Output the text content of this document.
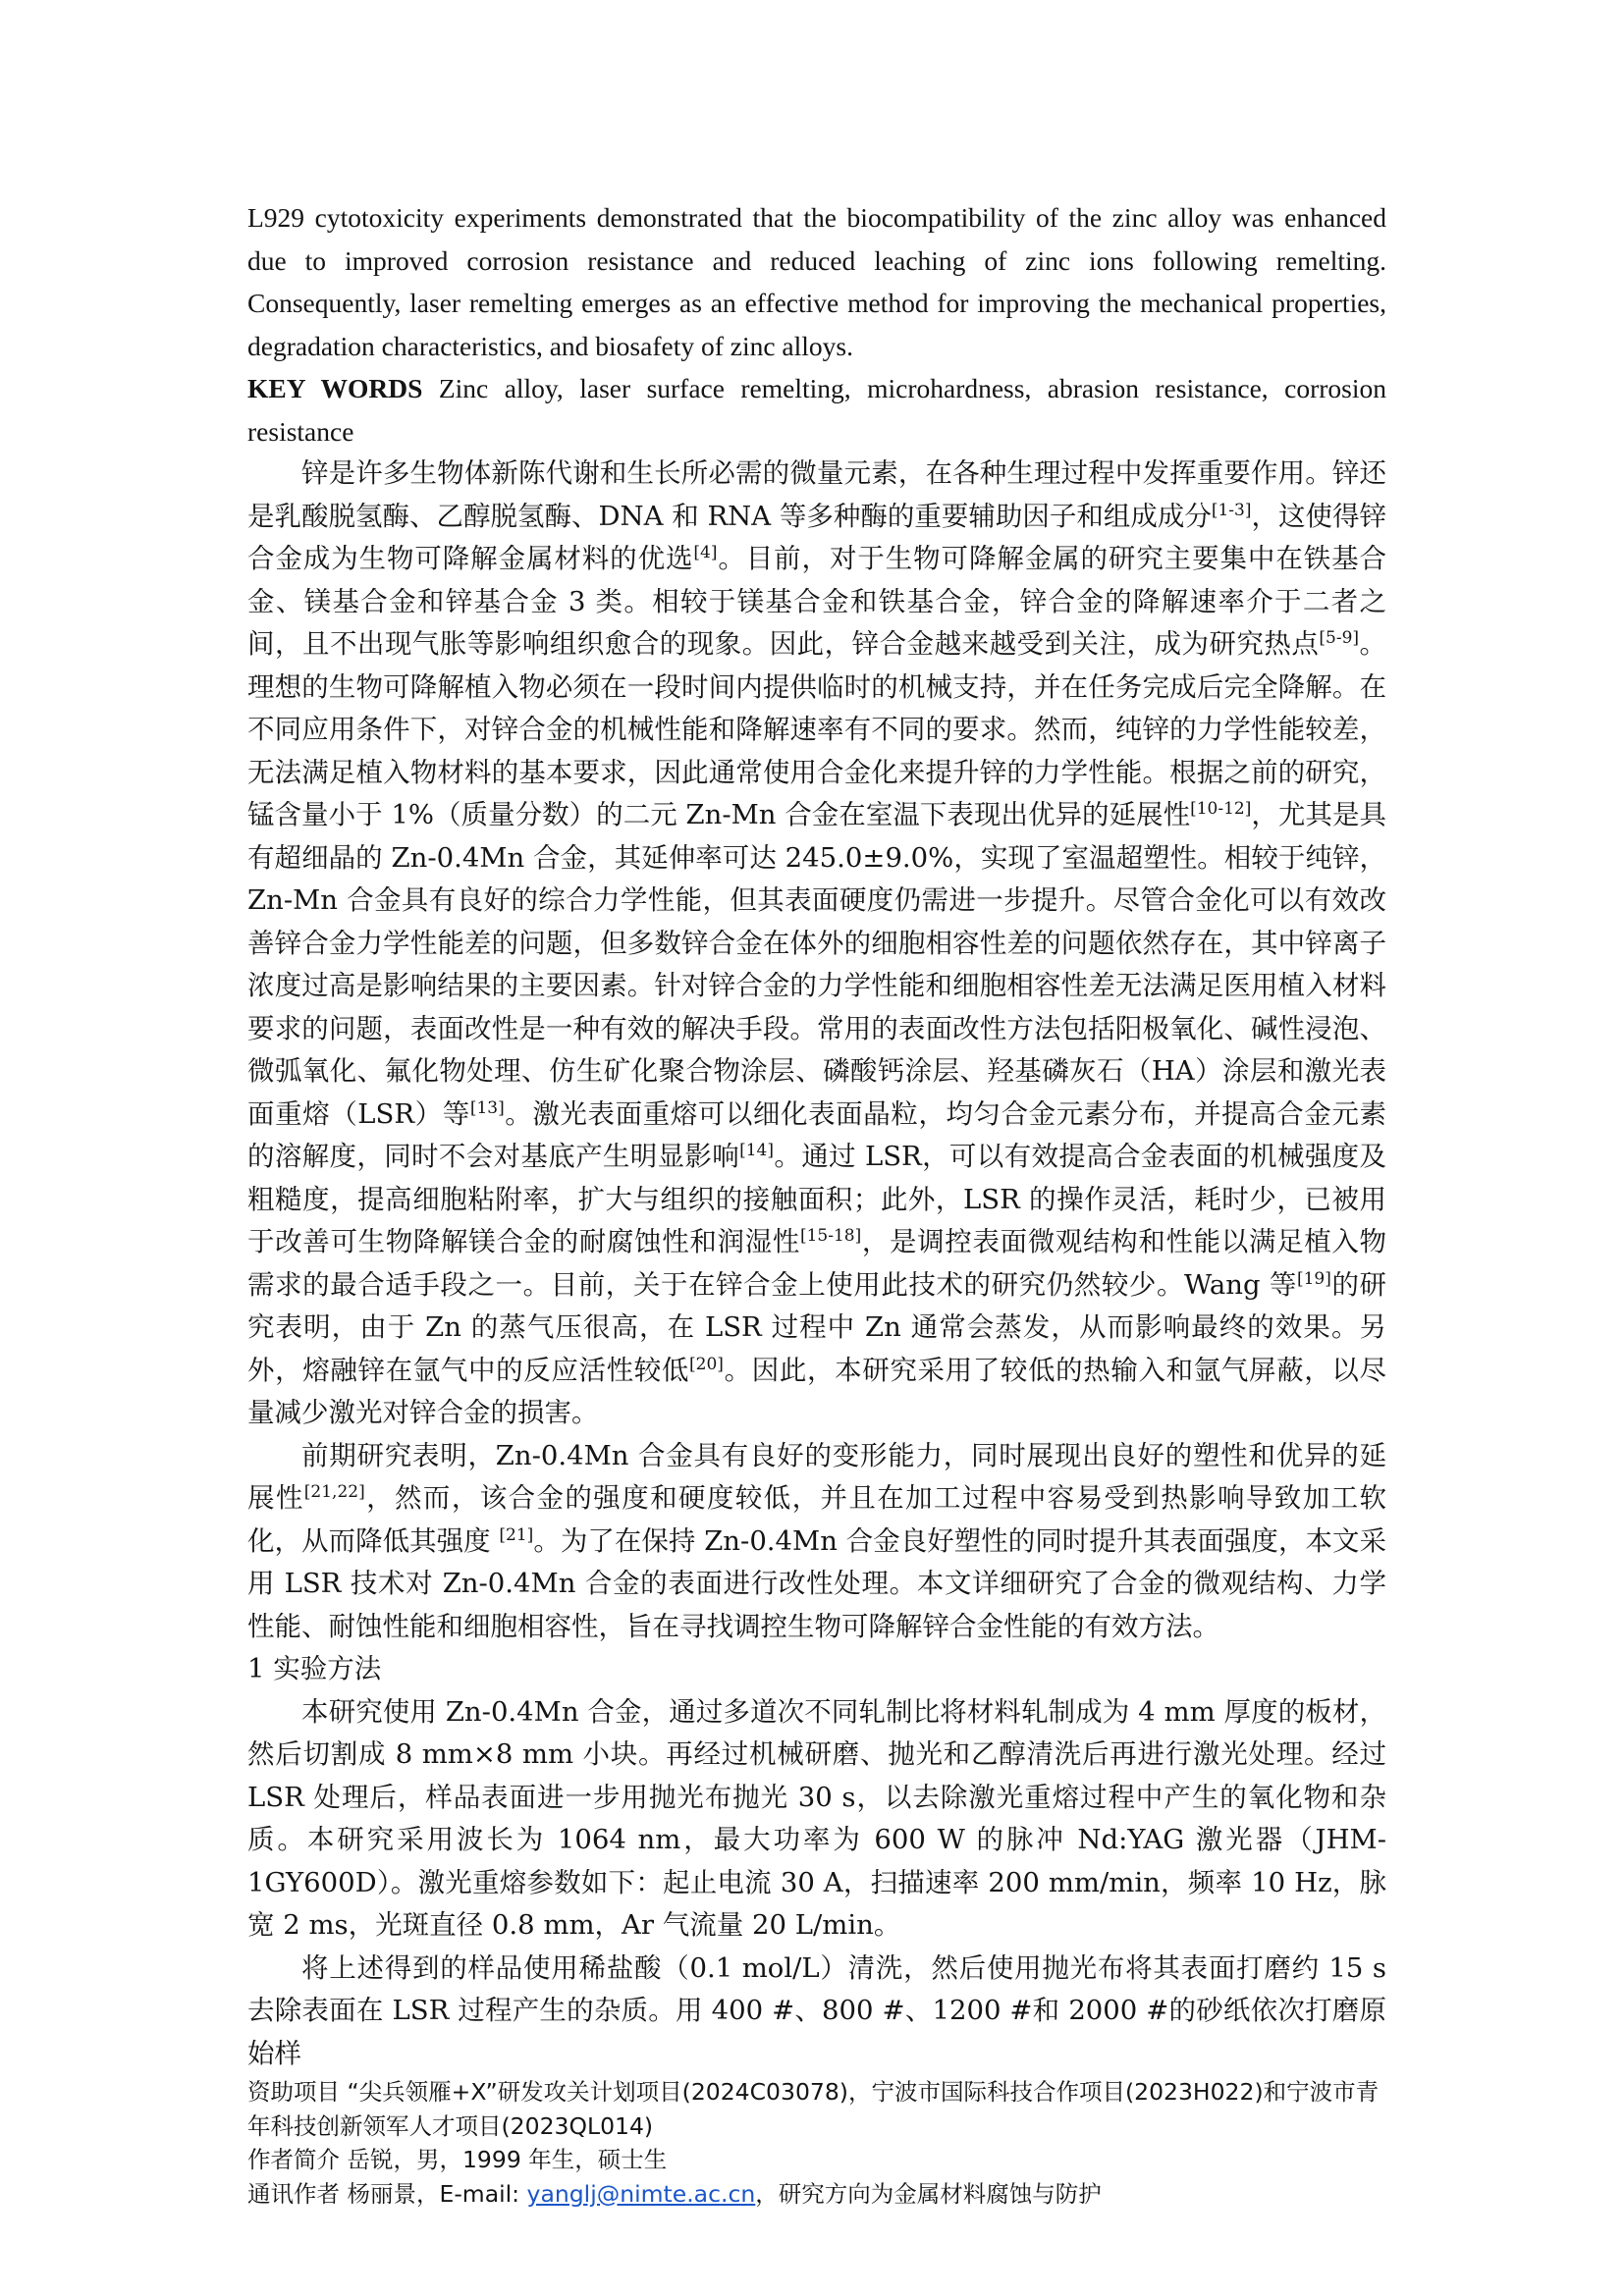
L929 cytotoxicity experiments demonstrated that the biocompatibility of the zinc alloy was enhanced due to improved corrosion resistance and reduced leaching of zinc ions following remelting. Consequently, laser remelting emerges as an effective method for improving the mechanical properties, degradation characteristics, and biosafety of zinc alloys.

KEY WORDS Zinc alloy, laser surface remelting, microhardness, abrasion resistance, corrosion resistance

锌是许多生物体新陈代谢和生长所必需的微量元素，在各种生理过程中发挥重要作用。锌还是乳酸脱氢酶、乙醇脱氢酶、DNA 和 RNA 等多种酶的重要辅助因子和组成成分[1-3]，这使得锌合金成为生物可降解金属材料的优选[4]。目前，对于生物可降解金属的研究主要集中在铁基合金、镁基合金和锌基合金 3 类。相较于镁基合金和铁基合金，锌合金的降解速率介于二者之间，且不出现气胀等影响组织愈合的现象。因此，锌合金越来越受到关注，成为研究热点[5-9]。理想的生物可降解植入物必须在一段时间内提供临时的机械支持，并在任务完成后完全降解。在不同应用条件下，对锌合金的机械性能和降解速率有不同的要求。然而，纯锌的力学性能较差，无法满足植入物材料的基本要求，因此通常使用合金化来提升锌的力学性能。根据之前的研究，锰含量小于 1%（质量分数）的二元 Zn-Mn 合金在室温下表现出优异的延展性[10-12]，尤其是具有超细晶的 Zn-0.4Mn 合金，其延伸率可达 245.0±9.0%，实现了室温超塑性。相较于纯锌，Zn-Mn 合金具有良好的综合力学性能，但其表面硬度仍需进一步提升。尽管合金化可以有效改善锌合金力学性能差的问题，但多数锌合金在体外的细胞相容性差的问题依然存在，其中锌离子浓度过高是影响结果的主要因素。针对锌合金的力学性能和细胞相容性差无法满足医用植入材料要求的问题，表面改性是一种有效的解决手段。常用的表面改性方法包括阳极氧化、碱性浸泡、微弧氧化、氟化物处理、仿生矿化聚合物涂层、磷酸钙涂层、羟基磷灰石（HA）涂层和激光表面重熔（LSR）等[13]。激光表面重熔可以细化表面晶粒，均匀合金元素分布，并提高合金元素的溶解度，同时不会对基底产生明显影响[14]。通过 LSR，可以有效提高合金表面的机械强度及粗糙度，提高细胞粘附率，扩大与组织的接触面积；此外，LSR 的操作灵活，耗时少，已被用于改善可生物降解镁合金的耐腐蚀性和润湿性[15-18]，是调控表面微观结构和性能以满足植入物需求的最合适手段之一。目前，关于在锌合金上使用此技术的研究仍然较少。Wang 等[19]的研究表明，由于 Zn 的蒸气压很高，在 LSR 过程中 Zn 通常会蒸发，从而影响最终的效果。另外，熔融锌在氩气中的反应活性较低[20]。因此，本研究采用了较低的热输入和氩气屏蔽，以尽量减少激光对锌合金的损害。

前期研究表明，Zn-0.4Mn 合金具有良好的变形能力，同时展现出良好的塑性和优异的延展性[21,22]，然而，该合金的强度和硬度较低，并且在加工过程中容易受到热影响导致加工软化，从而降低其强度 [21]。为了在保持 Zn-0.4Mn 合金良好塑性的同时提升其表面强度，本文采用 LSR 技术对 Zn-0.4Mn 合金的表面进行改性处理。本文详细研究了合金的微观结构、力学性能、耐蚀性能和细胞相容性，旨在寻找调控生物可降解锌合金性能的有效方法。

1 实验方法

本研究使用 Zn-0.4Mn 合金，通过多道次不同轧制比将材料轧制成为 4 mm 厚度的板材，然后切割成 8 mm×8 mm 小块。再经过机械研磨、抛光和乙醇清洗后再进行激光处理。经过 LSR 处理后，样品表面进一步用抛光布抛光 30 s，以去除激光重熔过程中产生的氧化物和杂质。本研究采用波长为 1064 nm，最大功率为 600 W 的脉冲 Nd:YAG 激光器（JHM-1GY600D）。激光重熔参数如下：起止电流 30 A，扫描速率 200 mm/min，频率 10 Hz，脉宽 2 ms，光斑直径 0.8 mm，Ar 气流量 20 L/min。

将上述得到的样品使用稀盐酸（0.1 mol/L）清洗，然后使用抛光布将其表面打磨约 15 s 去除表面在 LSR 过程产生的杂质。用 400 #、800 #、1200 #和 2000 #的砂纸依次打磨原始样

资助项目 “尖兵领雁+X”研发攻关计划项目(2024C03078)，宁波市国际科技合作项目(2023H022)和宁波市青年科技创新领军人才项目(2023QL014)

作者简介 岳锐，男，1999 年生，硕士生

通讯作者 杨丽景，E-mail: yanglj@nimte.ac.cn，研究方向为金属材料腐蚀与防护
